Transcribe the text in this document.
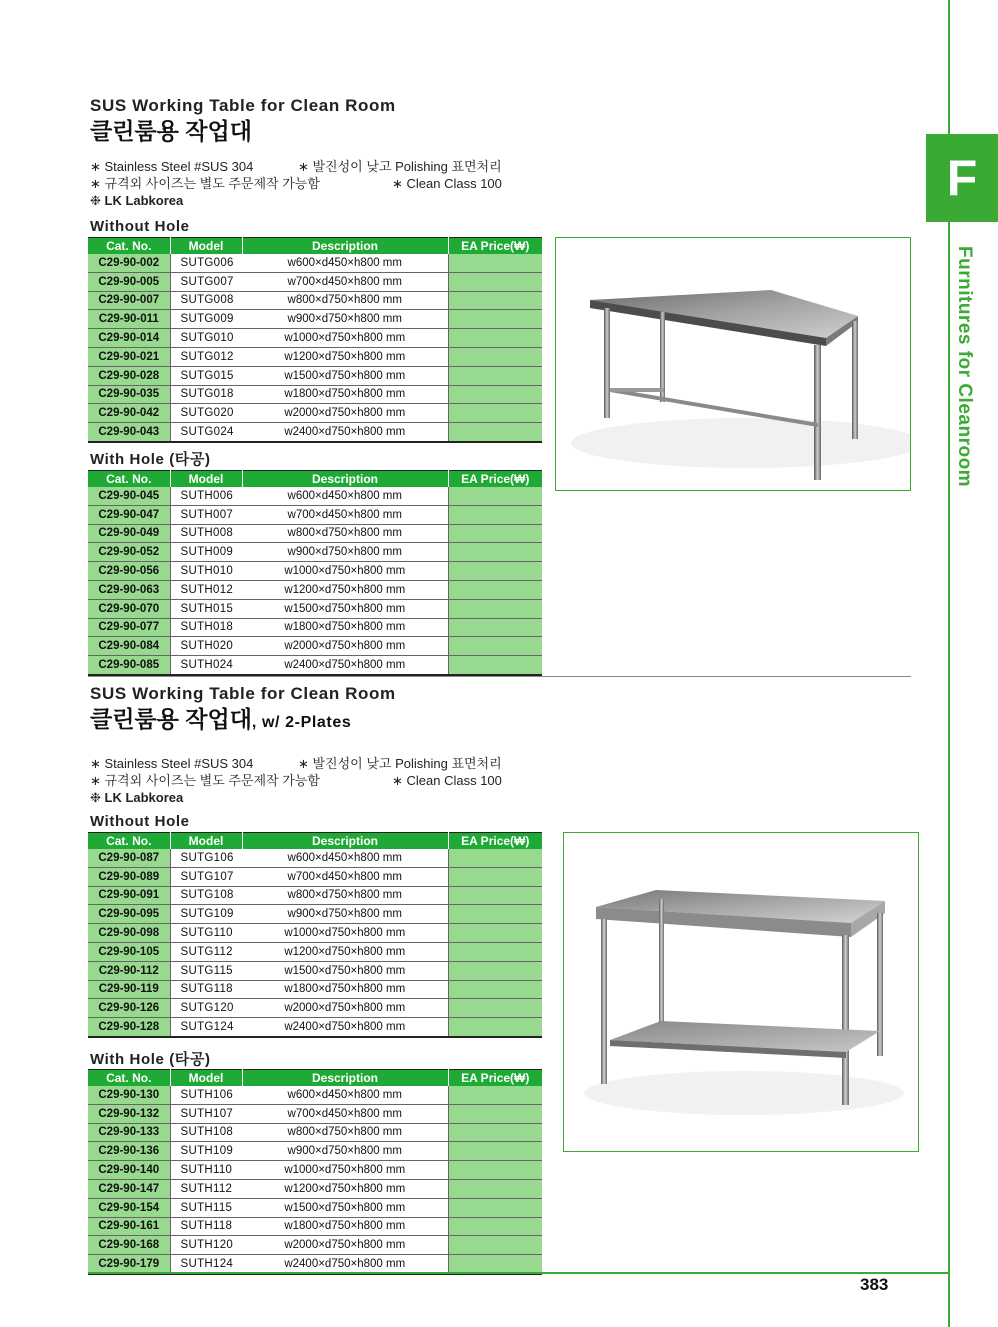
F
Furnitures for Cleanroom
SUS Working Table for Clean Room
클린룸용 작업대
∗ Stainless Steel #SUS 304	∗ 발진성이 낮고 Polishing 표면처리
∗ 규격외 사이즈는 별도 주문제작 가능함	∗ Clean Class 100
❉ LK Labkorea
Without Hole
Cat. No.	Model	Description	EA Price(₩)
C29-90-002	SUTG006	w600×d450×h800 mm	
C29-90-005	SUTG007	w700×d450×h800 mm	
C29-90-007	SUTG008	w800×d750×h800 mm	
C29-90-011	SUTG009	w900×d750×h800 mm	
C29-90-014	SUTG010	w1000×d750×h800 mm	
C29-90-021	SUTG012	w1200×d750×h800 mm	
C29-90-028	SUTG015	w1500×d750×h800 mm	
C29-90-035	SUTG018	w1800×d750×h800 mm	
C29-90-042	SUTG020	w2000×d750×h800 mm	
C29-90-043	SUTG024	w2400×d750×h800 mm	
With Hole (타공)
Cat. No.	Model	Description	EA Price(₩)
C29-90-045	SUTH006	w600×d450×h800 mm	
C29-90-047	SUTH007	w700×d450×h800 mm	
C29-90-049	SUTH008	w800×d750×h800 mm	
C29-90-052	SUTH009	w900×d750×h800 mm	
C29-90-056	SUTH010	w1000×d750×h800 mm	
C29-90-063	SUTH012	w1200×d750×h800 mm	
C29-90-070	SUTH015	w1500×d750×h800 mm	
C29-90-077	SUTH018	w1800×d750×h800 mm	
C29-90-084	SUTH020	w2000×d750×h800 mm	
C29-90-085	SUTH024	w2400×d750×h800 mm	
SUS Working Table for Clean Room
클린룸용 작업대, w/ 2-Plates
∗ Stainless Steel #SUS 304	∗ 발진성이 낮고 Polishing 표면처리
∗ 규격외 사이즈는 별도 주문제작 가능함	∗ Clean Class 100
❉ LK Labkorea
Without Hole
Cat. No.	Model	Description	EA Price(₩)
C29-90-087	SUTG106	w600×d450×h800 mm	
C29-90-089	SUTG107	w700×d450×h800 mm	
C29-90-091	SUTG108	w800×d750×h800 mm	
C29-90-095	SUTG109	w900×d750×h800 mm	
C29-90-098	SUTG110	w1000×d750×h800 mm	
C29-90-105	SUTG112	w1200×d750×h800 mm	
C29-90-112	SUTG115	w1500×d750×h800 mm	
C29-90-119	SUTG118	w1800×d750×h800 mm	
C29-90-126	SUTG120	w2000×d750×h800 mm	
C29-90-128	SUTG124	w2400×d750×h800 mm	
With Hole (타공)
Cat. No.	Model	Description	EA Price(₩)
C29-90-130	SUTH106	w600×d450×h800 mm	
C29-90-132	SUTH107	w700×d450×h800 mm	
C29-90-133	SUTH108	w800×d750×h800 mm	
C29-90-136	SUTH109	w900×d750×h800 mm	
C29-90-140	SUTH110	w1000×d750×h800 mm	
C29-90-147	SUTH112	w1200×d750×h800 mm	
C29-90-154	SUTH115	w1500×d750×h800 mm	
C29-90-161	SUTH118	w1800×d750×h800 mm	
C29-90-168	SUTH120	w2000×d750×h800 mm	
C29-90-179	SUTH124	w2400×d750×h800 mm	
383
